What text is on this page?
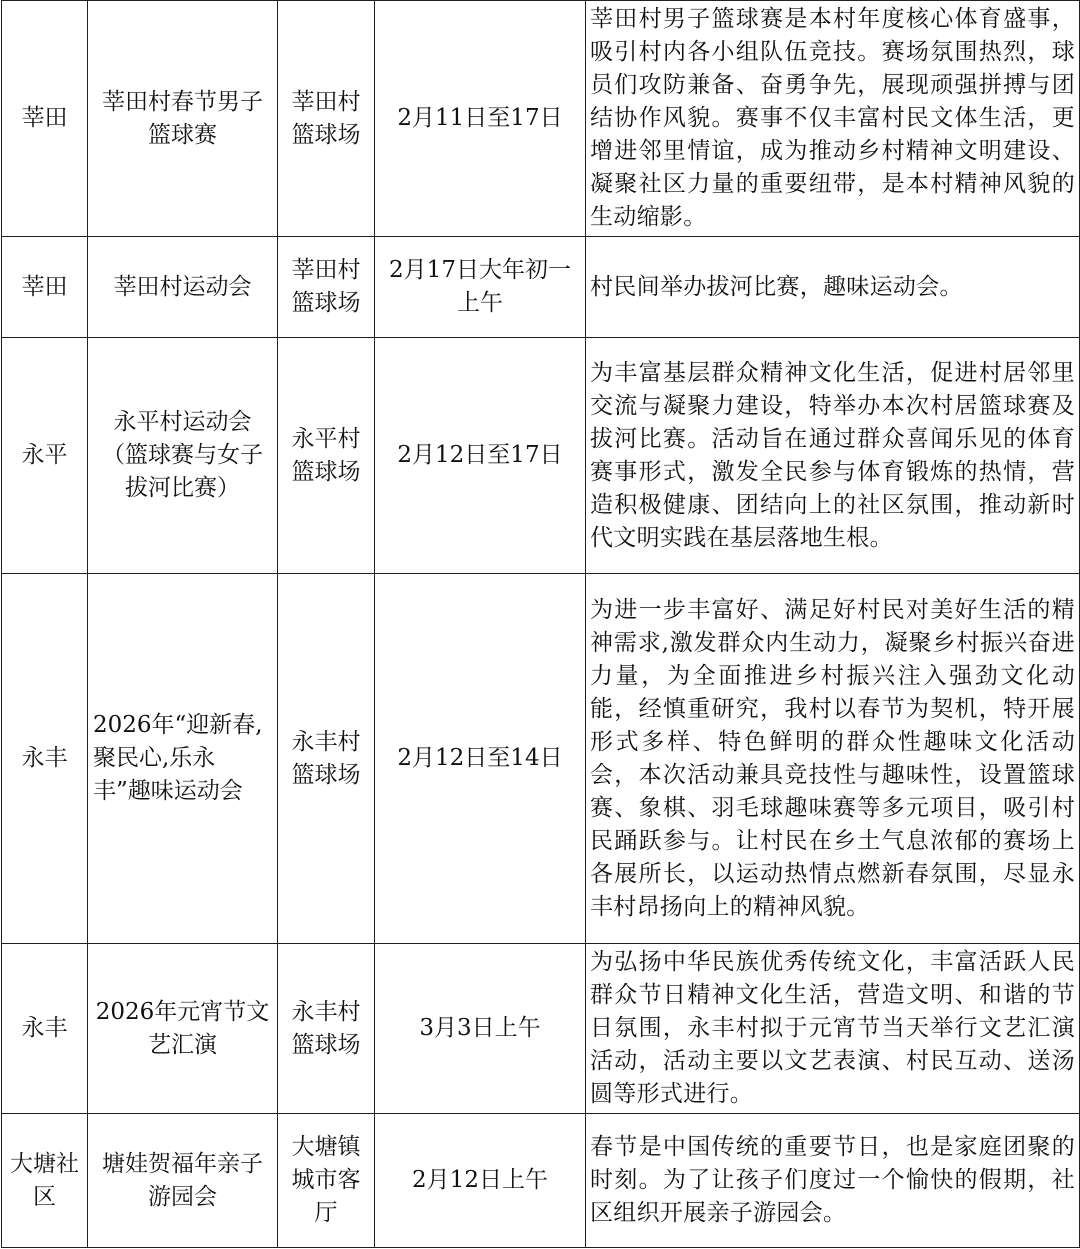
莘田	莘田村春节男子篮球赛	莘田村篮球场	2月11日至17日	莘田村男子篮球赛是本村年度核心体育盛事，吸引村内各小组队伍竞技。赛场氛围热烈，球员们攻防兼备、奋勇争先，展现顽强拼搏与团结协作风貌。赛事不仅丰富村民文体生活，更增进邻里情谊，成为推动乡村精神文明建设、凝聚社区力量的重要纽带，是本村精神风貌的生动缩影。
莘田	莘田村运动会	莘田村篮球场	2月17日大年初一上午	村民间举办拔河比赛，趣味运动会。
永平	永平村运动会（篮球赛与女子拔河比赛）	永平村篮球场	2月12日至17日	为丰富基层群众精神文化生活，促进村居邻里交流与凝聚力建设，特举办本次村居篮球赛及拔河比赛。活动旨在通过群众喜闻乐见的体育赛事形式，激发全民参与体育锻炼的热情，营造积极健康、团结向上的社区氛围，推动新时代文明实践在基层落地生根。
永丰	2026年“迎新春,聚民心,乐永丰”趣味运动会	永丰村篮球场	2月12日至14日	为进一步丰富好、满足好村民对美好生活的精神需求,激发群众内生动力，凝聚乡村振兴奋进力量，为全面推进乡村振兴注入强劲文化动能，经慎重研究，我村以春节为契机，特开展形式多样、特色鲜明的群众性趣味文化活动会，本次活动兼具竞技性与趣味性，设置篮球赛、象棋、羽毛球趣味赛等多元项目，吸引村民踊跃参与。让村民在乡土气息浓郁的赛场上各展所长，以运动热情点燃新春氛围，尽显永丰村昂扬向上的精神风貌。
永丰	2026年元宵节文艺汇演	永丰村篮球场	3月3日上午	为弘扬中华民族优秀传统文化，丰富活跃人民群众节日精神文化生活，营造文明、和谐的节日氛围，永丰村拟于元宵节当天举行文艺汇演活动，活动主要以文艺表演、村民互动、送汤圆等形式进行。
大塘社区	塘娃贺福年亲子游园会	大塘镇城市客厅	2月12日上午	春节是中国传统的重要节日，也是家庭团聚的时刻。为了让孩子们度过一个愉快的假期，社区组织开展亲子游园会。
